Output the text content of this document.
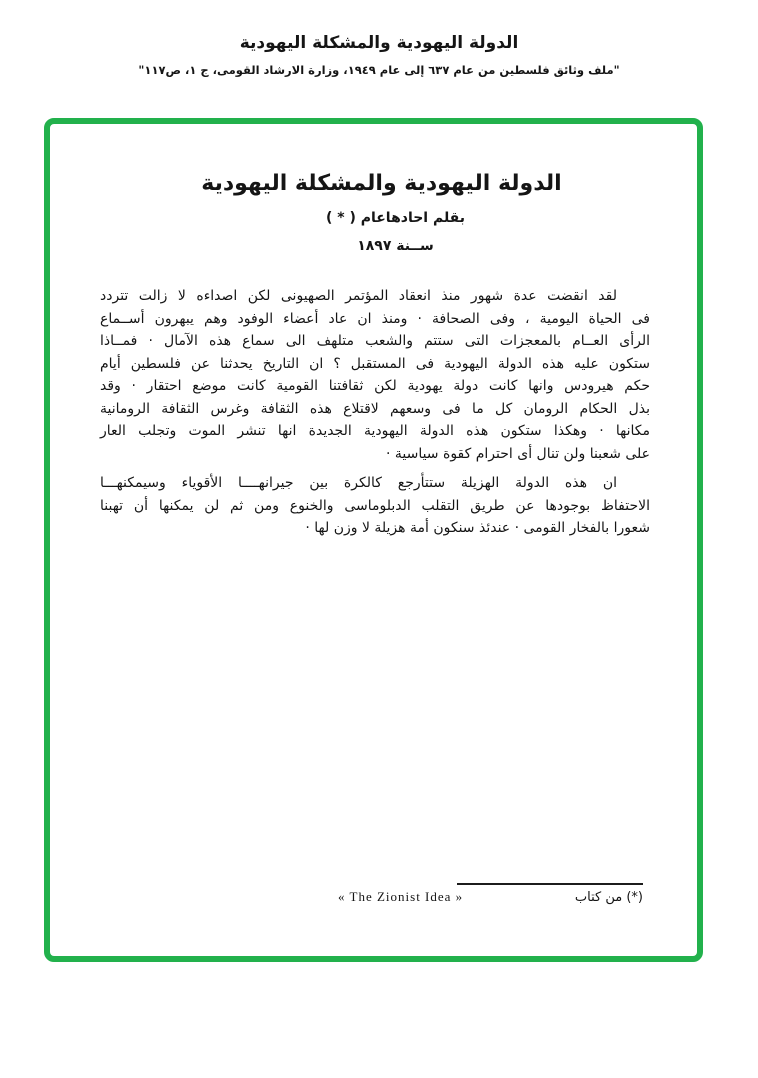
الدولة اليهودية والمشكلة اليهودية
"ملف وثائق فلسطين من عام ٦٣٧ إلى عام ١٩٤٩، وزارة الارشاد القومى، ج ١، ص١١٧"
الدولة اليهودية والمشكلة اليهودية
بقلم احادهاعام ( * )
ســنة ١٨٩٧
لقد انقضت عدة شهور منذ انعقاد المؤتمر الصهيونى لكن اصداءه لا زالت تتردد
فى الحياة اليومية ، وفى الصحافة · ومنذ ان عاد أعضاء الوفود وهم يبهرون أســماع
الرأى العــام بالمعجزات التى ستتم والشعب متلهف الى سماع هذه الآمال · فمــاذا
ستكون عليه هذه الدولة اليهودية فى المستقبل ؟ ان التاريخ يحدثنا عن فلسطين أيام
حكم هيرودس وانها كانت دولة يهودية لكن ثقافتنا القومية كانت موضع احتقار · وقد
بذل الحكام الرومان كل ما فى وسعهم لاقتلاع هذه الثقافة وغرس الثقافة الرومانية
مكانها · وهكذا ستكون هذه الدولة اليهودية الجديدة انها تنشر الموت وتجلب العار
على شعبنا ولن تنال أى احترام كقوة سياسية ·
ان هذه الدولة الهزيلة ستتأرجع كالكرة بين جيرانهــــا الأقوياء وسيمكنهـــا
الاحتفاظ بوجودها عن طريق التقلب الدبلوماسى والخنوع ومن ثم لن يمكنها أن تهبنا
شعورا بالفخار القومى · عندئذ سنكون أمة هزيلة لا وزن لها ·
« The Zionist Idea »	(*) من كتاب
